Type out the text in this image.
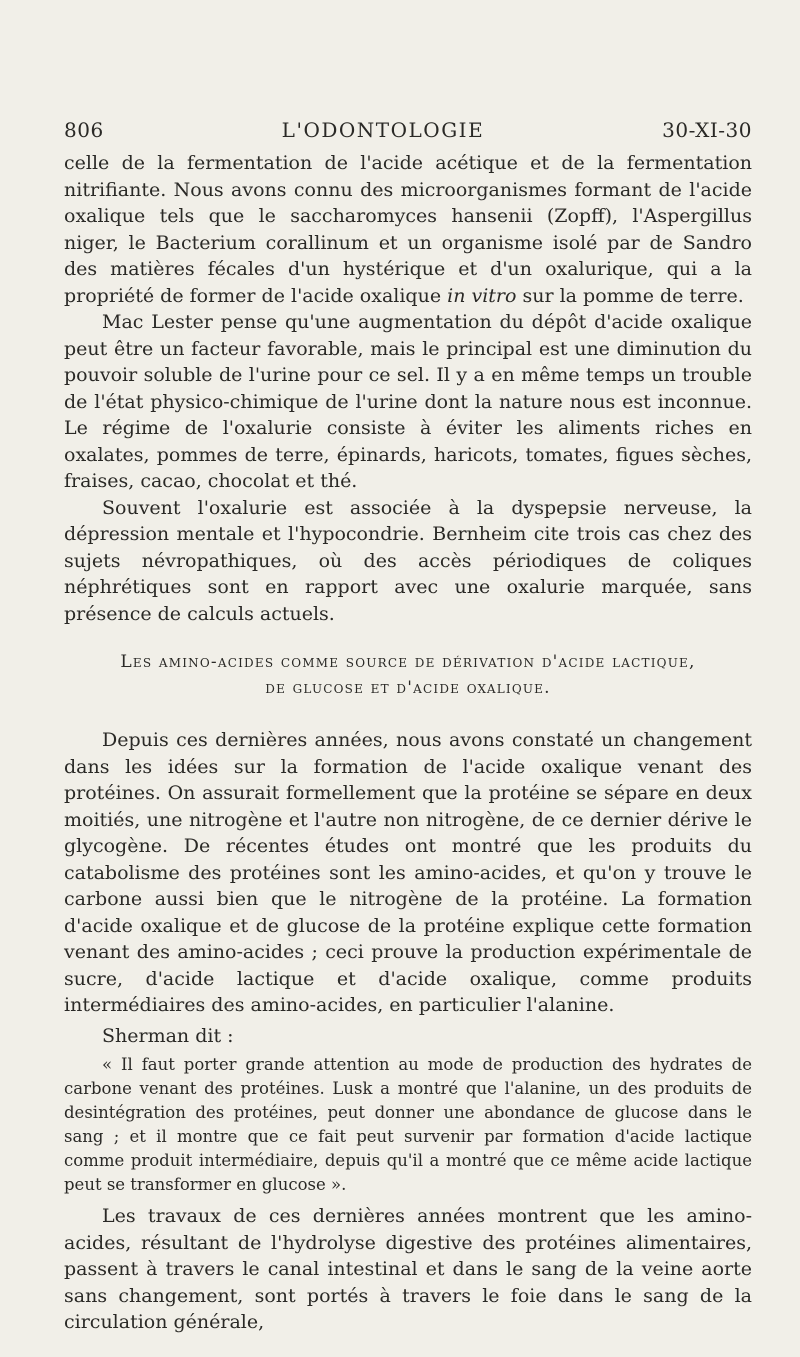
806	L'ODONTOLOGIE	30-XI-30

celle de la fermentation de l'acide acétique et de la fermentation nitrifiante. Nous avons connu des microorganismes formant de l'acide oxalique tels que le saccharomyces hansenii (Zopff), l'Aspergillus niger, le Bacterium corallinum et un organisme isolé par de Sandro des matières fécales d'un hystérique et d'un oxalurique, qui a la propriété de former de l'acide oxalique in vitro sur la pomme de terre.

Mac Lester pense qu'une augmentation du dépôt d'acide oxalique peut être un facteur favorable, mais le principal est une diminution du pouvoir soluble de l'urine pour ce sel. Il y a en même temps un trouble de l'état physico-chimique de l'urine dont la nature nous est inconnue. Le régime de l'oxalurie consiste à éviter les aliments riches en oxalates, pommes de terre, épinards, haricots, tomates, figues sèches, fraises, cacao, chocolat et thé.

Souvent l'oxalurie est associée à la dyspepsie nerveuse, la dépression mentale et l'hypocondrie. Bernheim cite trois cas chez des sujets névropathiques, où des accès périodiques de coliques néphrétiques sont en rapport avec une oxalurie marquée, sans présence de calculs actuels.

Les amino-acides comme source de dérivation d'acide lactique,
de glucose et d'acide oxalique.

Depuis ces dernières années, nous avons constaté un changement dans les idées sur la formation de l'acide oxalique venant des protéines. On assurait formellement que la protéine se sépare en deux moitiés, une nitrogène et l'autre non nitrogène, de ce dernier dérive le glycogène. De récentes études ont montré que les produits du catabolisme des protéines sont les amino-acides, et qu'on y trouve le carbone aussi bien que le nitrogène de la protéine. La formation d'acide oxalique et de glucose de la protéine explique cette formation venant des amino-acides ; ceci prouve la production expérimentale de sucre, d'acide lactique et d'acide oxalique, comme produits intermédiaires des amino-acides, en particulier l'alanine.

Sherman dit :

« Il faut porter grande attention au mode de production des hydrates de carbone venant des protéines. Lusk a montré que l'alanine, un des produits de desintégration des protéines, peut donner une abondance de glucose dans le sang ; et il montre que ce fait peut survenir par formation d'acide lactique comme produit intermédiaire, depuis qu'il a montré que ce même acide lactique peut se transformer en glucose ».

Les travaux de ces dernières années montrent que les amino-acides, résultant de l'hydrolyse digestive des protéines alimentaires, passent à travers le canal intestinal et dans le sang de la veine aorte sans changement, sont portés à travers le foie dans le sang de la circulation générale,
